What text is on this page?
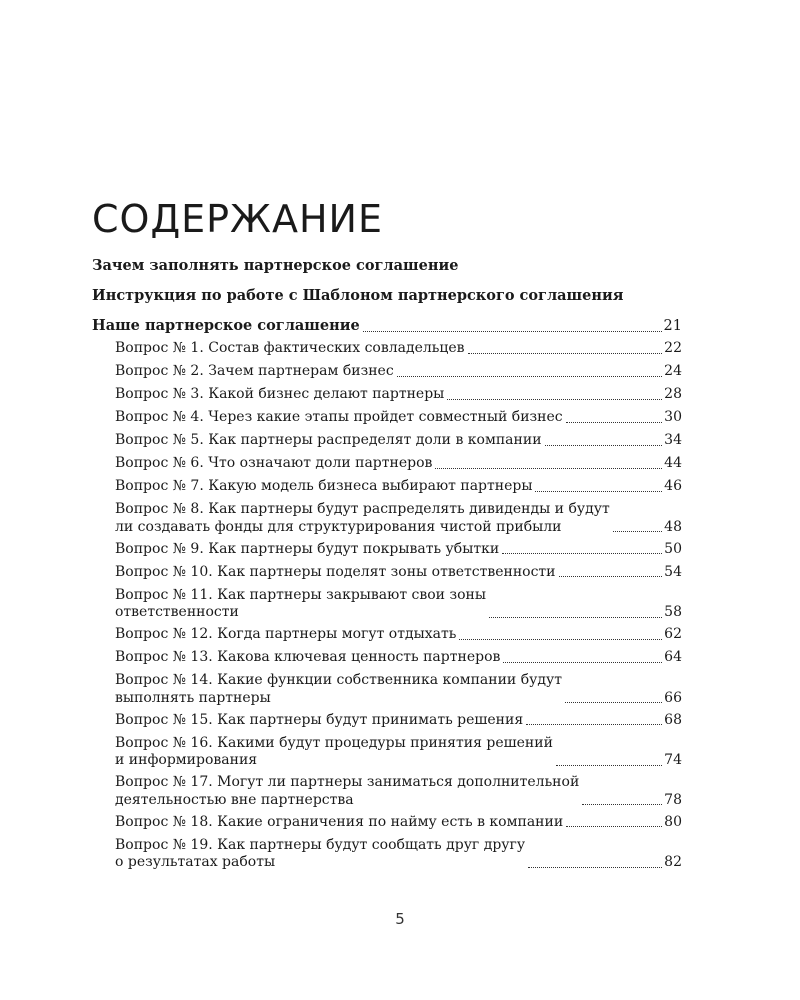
СОДЕРЖАНИЕ
Зачем заполнять партнерское соглашение
Инструкция по работе с Шаблоном партнерского соглашения
Наше партнерское соглашение	21
Вопрос № 1. Состав фактических совладельцев	22
Вопрос № 2. Зачем партнерам бизнес	24
Вопрос № 3. Какой бизнес делают партнеры	28
Вопрос № 4. Через какие этапы пройдет совместный бизнес	30
Вопрос № 5. Как партнеры распределят доли в компании	34
Вопрос № 6. Что означают доли партнеров	44
Вопрос № 7. Какую модель бизнеса выбирают партнеры	46
Вопрос № 8. Как партнеры будут распределять дивиденды и будут
ли создавать фонды для структурирования чистой прибыли	48
Вопрос № 9. Как партнеры будут покрывать убытки	50
Вопрос № 10. Как партнеры поделят зоны ответственности	54
Вопрос № 11. Как партнеры закрывают свои зоны
ответственности	58
Вопрос № 12. Когда партнеры могут отдыхать	62
Вопрос № 13. Какова ключевая ценность партнеров	64
Вопрос № 14. Какие функции собственника компании будут
выполнять партнеры	66
Вопрос № 15. Как партнеры будут принимать решения	68
Вопрос № 16. Какими будут процедуры принятия решений
и информирования	74
Вопрос № 17. Могут ли партнеры заниматься дополнительной
деятельностью вне партнерства	78
Вопрос № 18. Какие ограничения по найму есть в компании	80
Вопрос № 19. Как партнеры будут сообщать друг другу
о результатах работы	82
5
